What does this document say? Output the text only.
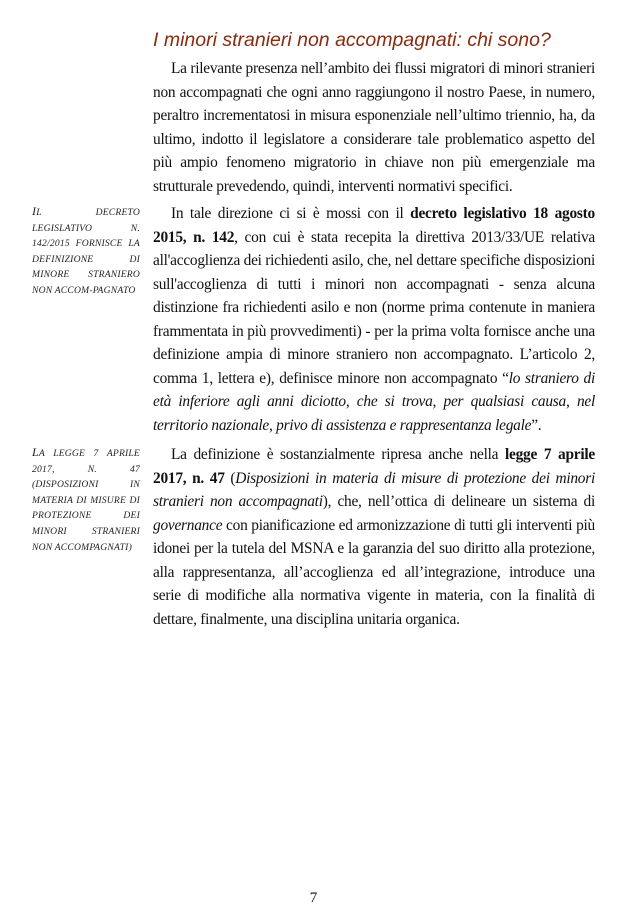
I minori stranieri non accompagnati: chi sono?

La rilevante presenza nell’ambito dei flussi migratori di minori stranieri non accompagnati che ogni anno raggiungono il nostro Paese, in numero, peraltro incrementatosi in misura esponenziale nell’ultimo triennio, ha, da ultimo, indotto il legislatore a considerare tale problematico aspetto del più ampio fenomeno migratorio in chiave non più emergenziale ma strutturale prevedendo, quindi, interventi normativi specifici.

IL DECRETO LEGISLATIVO N. 142/2015 FORNISCE LA DEFINIZIONE DI MINORE STRANIERO NON ACCOM-PAGNATO

In tale direzione ci si è mossi con il decreto legislativo 18 agosto 2015, n. 142, con cui è stata recepita la direttiva 2013/33/UE relativa all'accoglienza dei richiedenti asilo, che, nel dettare specifiche disposizioni sull'accoglienza di tutti i minori non accompagnati - senza alcuna distinzione fra richiedenti asilo e non (norme prima contenute in maniera frammentata in più provvedimenti) - per la prima volta fornisce anche una definizione ampia di minore straniero non accompagnato. L’articolo 2, comma 1, lettera e), definisce minore non accompagnato “lo straniero di età inferiore agli anni diciotto, che si trova, per qualsiasi causa, nel territorio nazionale, privo di assistenza e rappresentanza legale”.

LA LEGGE 7 APRILE 2017, N. 47 (DISPOSIZIONI IN MATERIA DI MISURE DI PROTEZIONE DEI MINORI STRANIERI NON ACCOMPAGNATI)

La definizione è sostanzialmente ripresa anche nella legge 7 aprile 2017, n. 47 (Disposizioni in materia di misure di protezione dei minori stranieri non accompagnati), che, nell’ottica di delineare un sistema di governance con pianificazione ed armonizzazione di tutti gli interventi più idonei per la tutela del MSNA e la garanzia del suo diritto alla protezione, alla rappresentanza, all’accoglienza ed all’integrazione, introduce una serie di modifiche alla normativa vigente in materia, con la finalità di dettare, finalmente, una disciplina unitaria organica.

7
